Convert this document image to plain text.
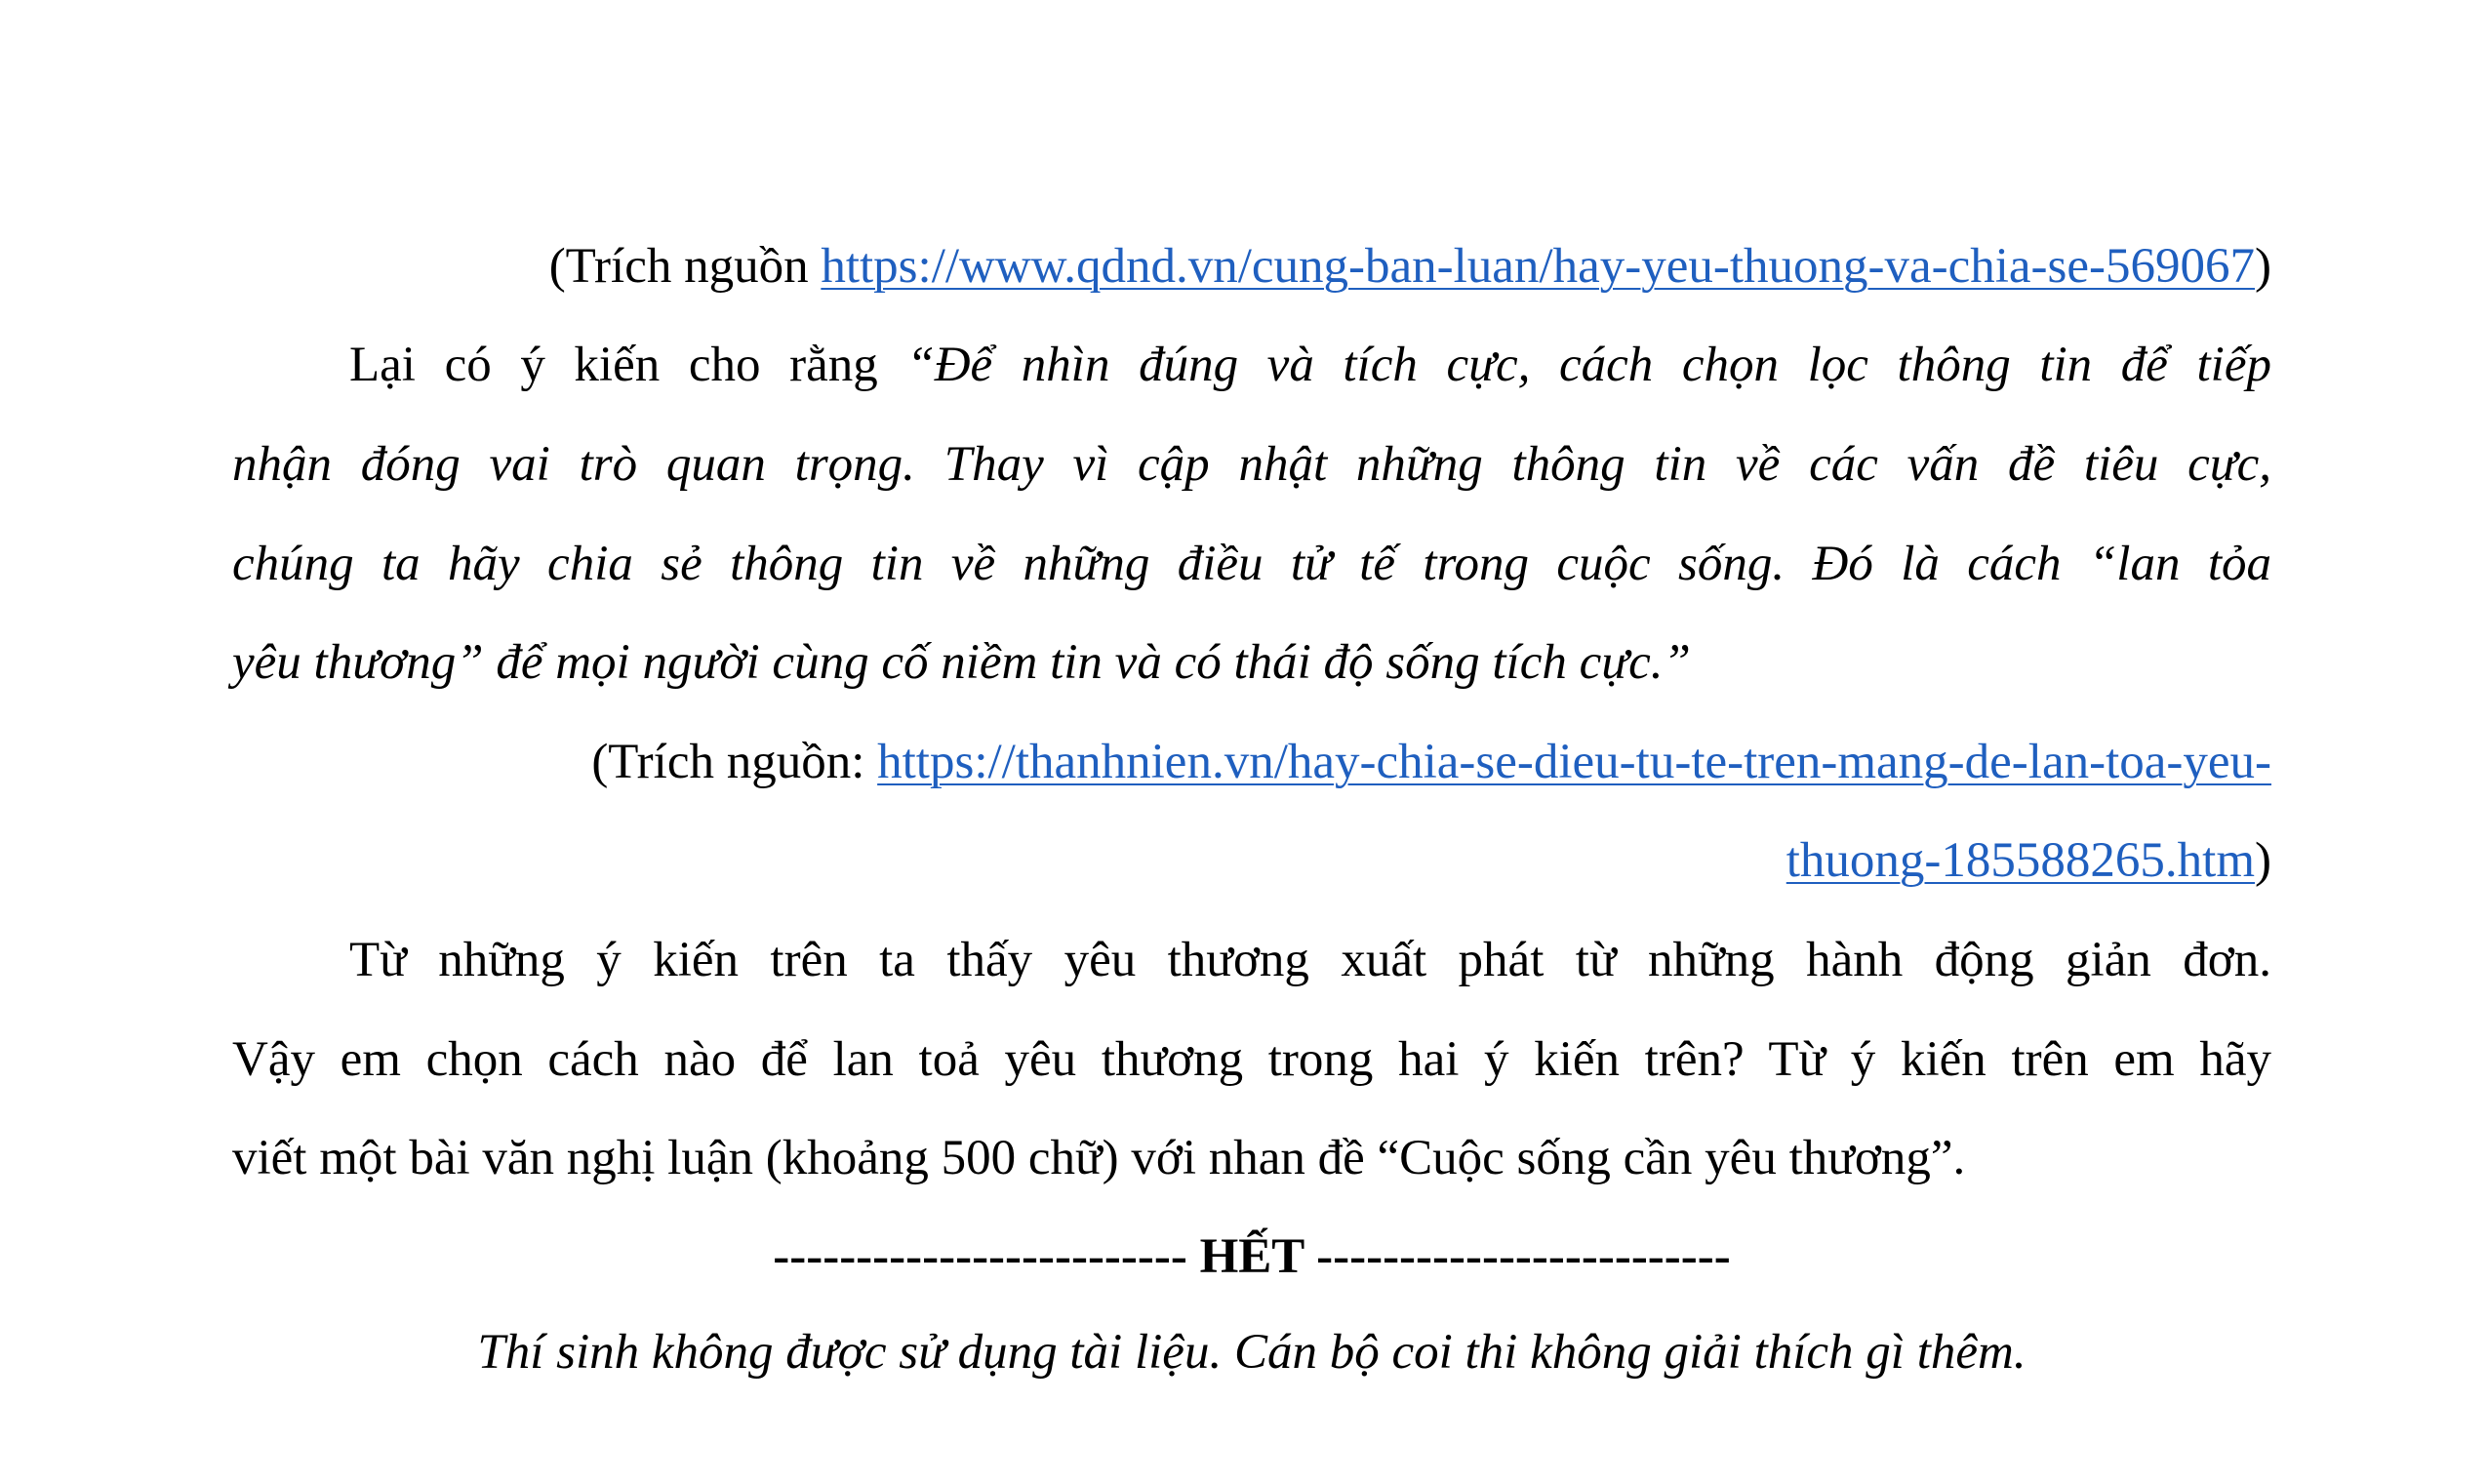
(Trích nguồn https://www.qdnd.vn/cung-ban-luan/hay-yeu-thuong-va-chia-se-569067)
Lại có ý kiến cho rằng “Để nhìn đúng và tích cực, cách chọn lọc thông tin để tiếp
nhận đóng vai trò quan trọng. Thay vì cập nhật những thông tin về các vấn đề tiêu cực,
chúng ta hãy chia sẻ thông tin về những điều tử tế trong cuộc sống. Đó là cách “lan tỏa
yêu thương” để mọi người cùng cố niềm tin và có thái độ sống tích cực.”
(Trích nguồn: https://thanhnien.vn/hay-chia-se-dieu-tu-te-tren-mang-de-lan-toa-yeu-
thuong-185588265.htm)
Từ những ý kiến trên ta thấy yêu thương xuất phát từ những hành động giản đơn.
Vậy em chọn cách nào để lan toả yêu thương trong hai ý kiến trên? Từ ý kiến trên em hãy
viết một bài văn nghị luận (khoảng 500 chữ) với nhan đề “Cuộc sống cần yêu thương”.
------------------------- HẾT -------------------------
Thí sinh không được sử dụng tài liệu. Cán bộ coi thi không giải thích gì thêm.
